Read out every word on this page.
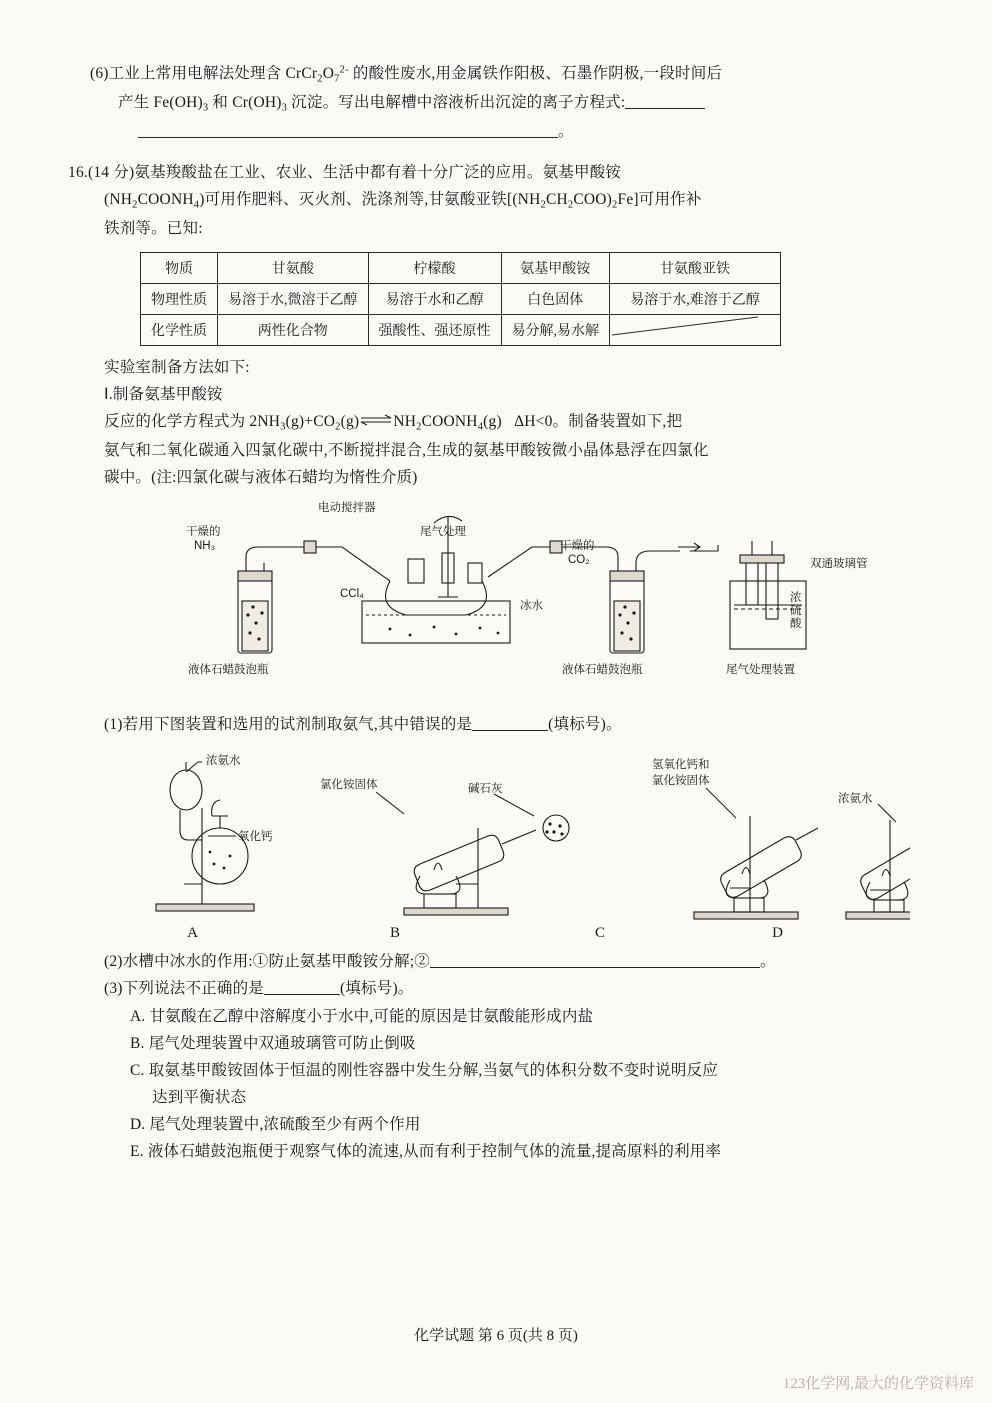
(6)工业上常用电解法处理含 $CrCr_2O_7^{2-}$ 的酸性废水,用金属铁作阳极、石墨作阴极,一段时间后
产生 $Fe(OH)_3$ 和 $Cr(OH)_3$ 沉淀。写出电解槽中溶液析出沉淀的离子方程式:
。
16.(14 分)氨基羧酸盐在工业、农业、生活中都有着十分广泛的应用。氨基甲酸铵
$(NH_2COONH_4)$可用作肥料、灭火剂、洗涤剂等,甘氨酸亚铁$[(NH_2CH_2COO)_2Fe]$可用作补
铁剂等。已知:
物质	甘氨酸	柠檬酸	氨基甲酸铵	甘氨酸亚铁
物理性质	易溶于水,微溶于乙醇	易溶于水和乙醇	白色固体	易溶于水,难溶于乙醇
化学性质	两性化合物	强酸性、强还原性	易分解,易水解	

实验室制备方法如下:
Ⅰ.制备氨基甲酸铵
反应的化学方程式为 $2NH_3(g)+CO_2(g)\rightleftharpoons NH_2COONH_4(g)$ ΔH<0。制备装置如下,把
氨气和二氧化碳通入四氯化碳中,不断搅拌混合,生成的氨基甲酸铵微小晶体悬浮在四氯化
碳中。(注:四氯化碳与液体石蜡均为惰性介质)
电动搅拌器
尾气处理
干燥的
NH₃	干燥的
CO₂
CCl₄
冰水
双通玻璃管
浓
硫
酸
液体石蜡鼓泡瓶	液体石蜡鼓泡瓶	尾气处理装置
(1)若用下图装置和选用的试剂制取氨气,其中错误的是	(填标号)。
浓氨水
氧化钙
氯化铵固体	碱石灰
氢氧化钙和
氯化铵固体
浓氨水
A	B	C	D
(2)水槽中冰水的作用:①防止氨基甲酸铵分解;②	。
(3)下列说法不正确的是	(填标号)。
A. 甘氨酸在乙醇中溶解度小于水中,可能的原因是甘氨酸能形成内盐
B. 尾气处理装置中双通玻璃管可防止倒吸
C. 取氨基甲酸铵固体于恒温的刚性容器中发生分解,当氨气的体积分数不变时说明反应
达到平衡状态
D. 尾气处理装置中,浓硫酸至少有两个作用
E. 液体石蜡鼓泡瓶便于观察气体的流速,从而有利于控制气体的流量,提高原料的利用率
化学试题 第 6 页(共 8 页)
123化学网,最大的化学资料库
